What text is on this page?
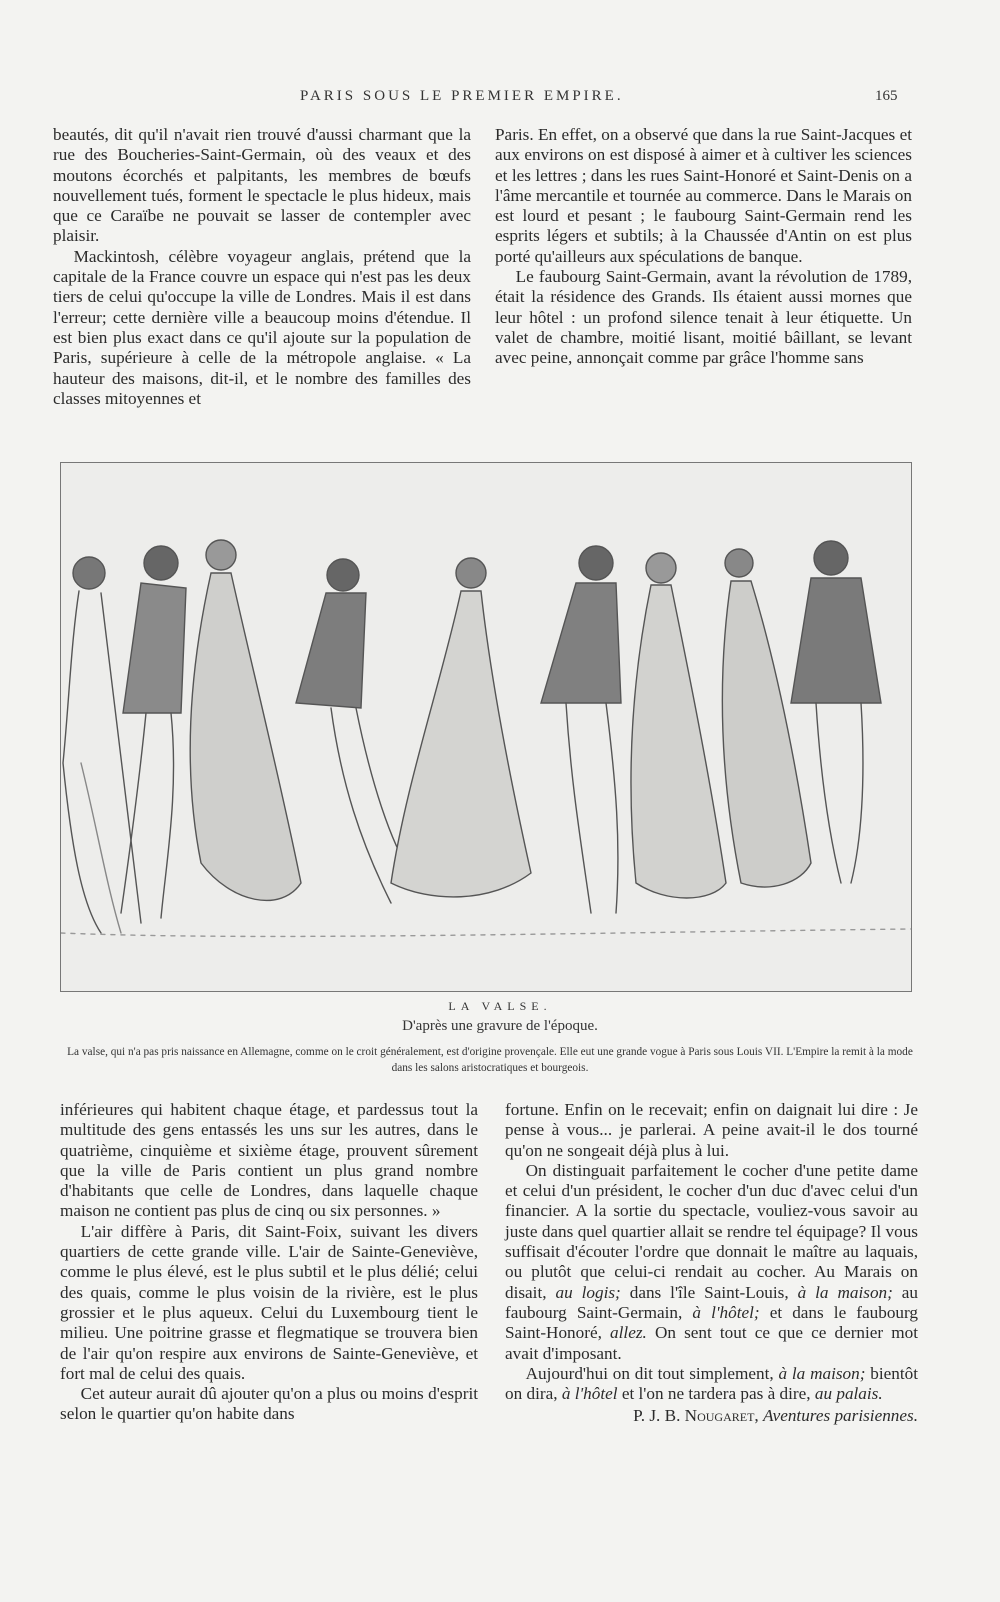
PARIS SOUS LE PREMIER EMPIRE.	165

beautés, dit qu'il n'avait rien trouvé d'aussi charmant que la rue des Boucheries-Saint-Germain, où des veaux et des moutons écorchés et palpitants, les membres de bœufs nouvellement tués, forment le spectacle le plus hideux, mais que ce Caraïbe ne pouvait se lasser de contempler avec plaisir.

Mackintosh, célèbre voyageur anglais, prétend que la capitale de la France couvre un espace qui n'est pas les deux tiers de celui qu'occupe la ville de Londres. Mais il est dans l'erreur; cette dernière ville a beaucoup moins d'étendue. Il est bien plus exact dans ce qu'il ajoute sur la population de Paris, supérieure à celle de la métropole anglaise. « La hauteur des maisons, dit-il, et le nombre des familles des classes mitoyennes et

Paris. En effet, on a observé que dans la rue Saint-Jacques et aux environs on est disposé à aimer et à cultiver les sciences et les lettres ; dans les rues Saint-Honoré et Saint-Denis on a l'âme mercantile et tournée au commerce. Dans le Marais on est lourd et pesant ; le faubourg Saint-Germain rend les esprits légers et subtils; à la Chaussée d'Antin on est plus porté qu'ailleurs aux spéculations de banque.

Le faubourg Saint-Germain, avant la révolution de 1789, était la résidence des Grands. Ils étaient aussi mornes que leur hôtel : un profond silence tenait à leur étiquette. Un valet de chambre, moitié lisant, moitié bâillant, se levant avec peine, annonçait comme par grâce l'homme sans

LA VALSE.
D'après une gravure de l'époque.
La valse, qui n'a pas pris naissance en Allemagne, comme on le croit généralement, est d'origine provençale. Elle eut une grande vogue à Paris sous Louis VII. L'Empire la remit à la mode dans les salons aristocratiques et bourgeois.

inférieures qui habitent chaque étage, et pardessus tout la multitude des gens entassés les uns sur les autres, dans le quatrième, cinquième et sixième étage, prouvent sûrement que la ville de Paris contient un plus grand nombre d'habitants que celle de Londres, dans laquelle chaque maison ne contient pas plus de cinq ou six personnes. »

L'air diffère à Paris, dit Saint-Foix, suivant les divers quartiers de cette grande ville. L'air de Sainte-Geneviève, comme le plus élevé, est le plus subtil et le plus délié; celui des quais, comme le plus voisin de la rivière, est le plus grossier et le plus aqueux. Celui du Luxembourg tient le milieu. Une poitrine grasse et flegmatique se trouvera bien de l'air qu'on respire aux environs de Sainte-Geneviève, et fort mal de celui des quais.

Cet auteur aurait dû ajouter qu'on a plus ou moins d'esprit selon le quartier qu'on habite dans

fortune. Enfin on le recevait; enfin on daignait lui dire : Je pense à vous... je parlerai. A peine avait-il le dos tourné qu'on ne songeait déjà plus à lui.

On distinguait parfaitement le cocher d'une petite dame et celui d'un président, le cocher d'un duc d'avec celui d'un financier. A la sortie du spectacle, vouliez-vous savoir au juste dans quel quartier allait se rendre tel équipage? Il vous suffisait d'écouter l'ordre que donnait le maître au laquais, ou plutôt que celui-ci rendait au cocher. Au Marais on disait, au logis; dans l'île Saint-Louis, à la maison; au faubourg Saint-Germain, à l'hôtel; et dans le faubourg Saint-Honoré, allez. On sent tout ce que ce dernier mot avait d'imposant.

Aujourd'hui on dit tout simplement, à la maison; bientôt on dira, à l'hôtel et l'on ne tardera pas à dire, au palais.

P. J. B. Nougaret, Aventures parisiennes.
